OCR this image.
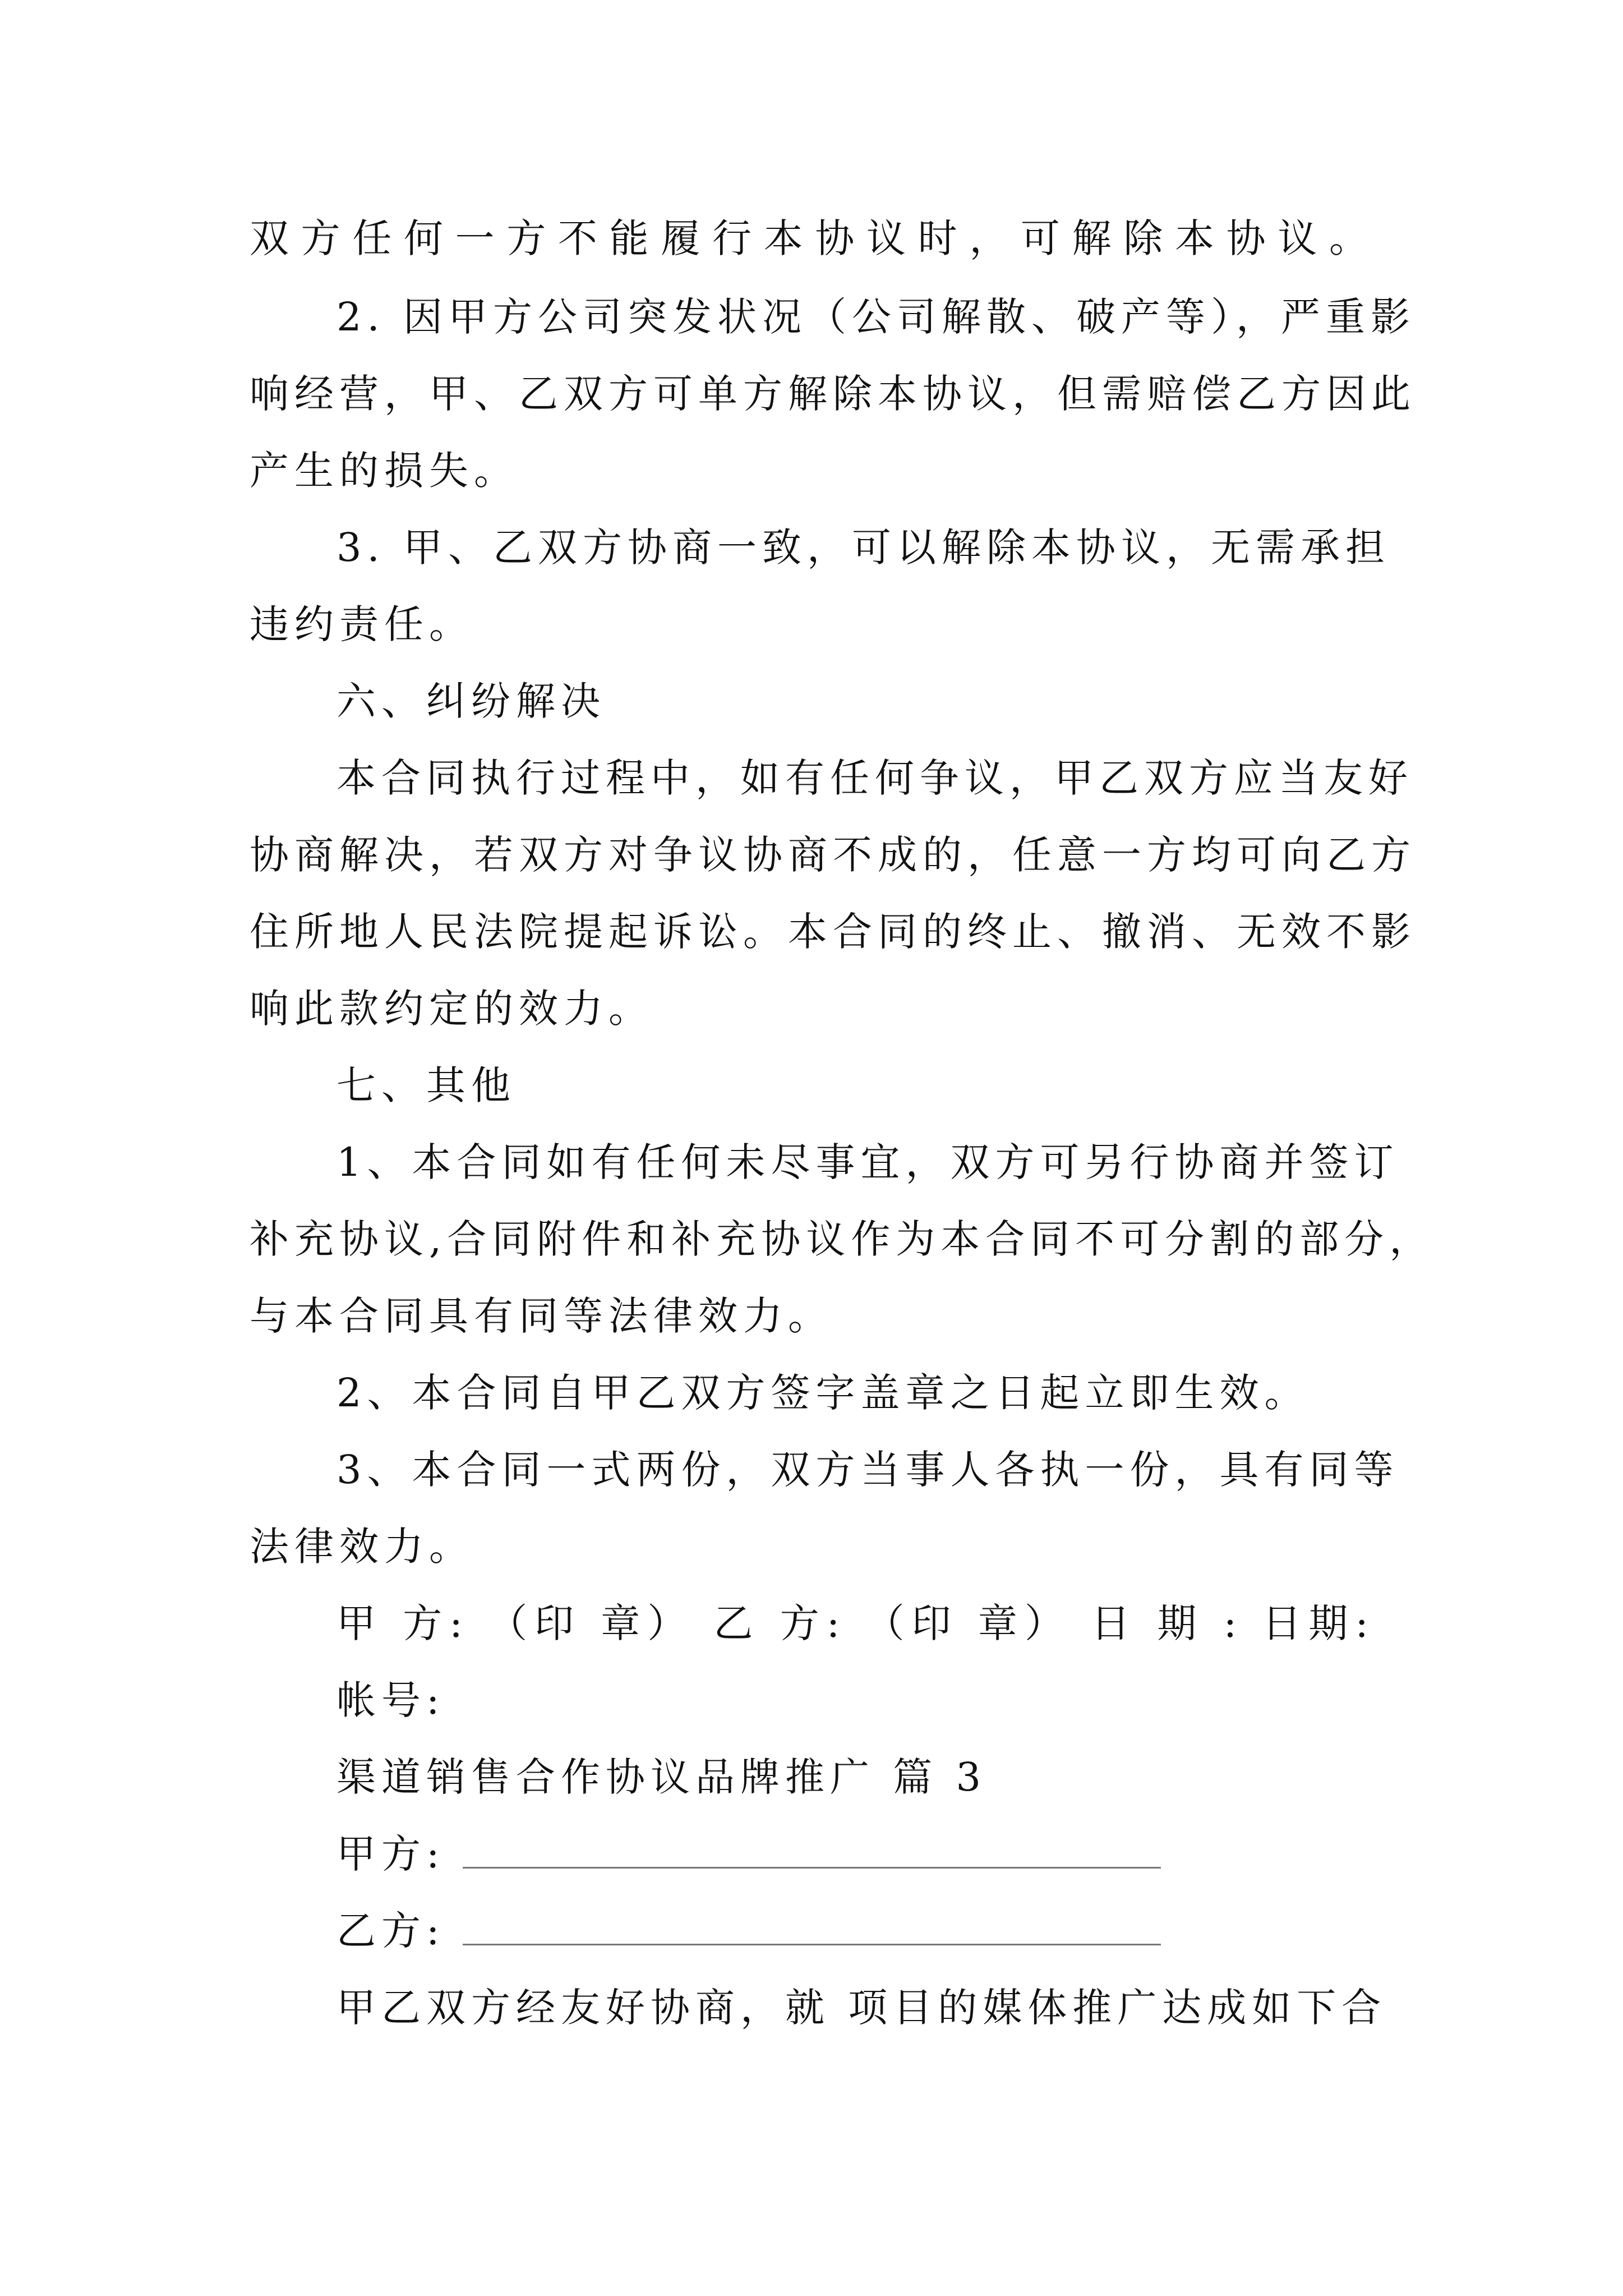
双方任何一方不能履行本协议时，可解除本协议。
2. 因甲方公司突发状况（公司解散、破产等），严重影
响经营，甲、乙双方可单方解除本协议，但需赔偿乙方因此
产生的损失。
3. 甲、乙双方协商一致，可以解除本协议，无需承担
违约责任。
六、纠纷解决
本合同执行过程中，如有任何争议，甲乙双方应当友好
协商解决，若双方对争议协商不成的，任意一方均可向乙方
住所地人民法院提起诉讼。本合同的终止、撤消、无效不影
响此款约定的效力。
七、其他
1、本合同如有任何未尽事宜，双方可另行协商并签订
补充协议,合同附件和补充协议作为本合同不可分割的部分，
与本合同具有同等法律效力。
2、本合同自甲乙双方签字盖章之日起立即生效。
3、本合同一式两份，双方当事人各执一份，具有同等
法律效力。
甲 方: （印 章） 乙 方: （印 章） 日 期 : 日期:
帐号:
渠道销售合作协议品牌推广 篇 3
甲方:
乙方:
甲乙双方经友好协商，就 项目的媒体推广达成如下合
